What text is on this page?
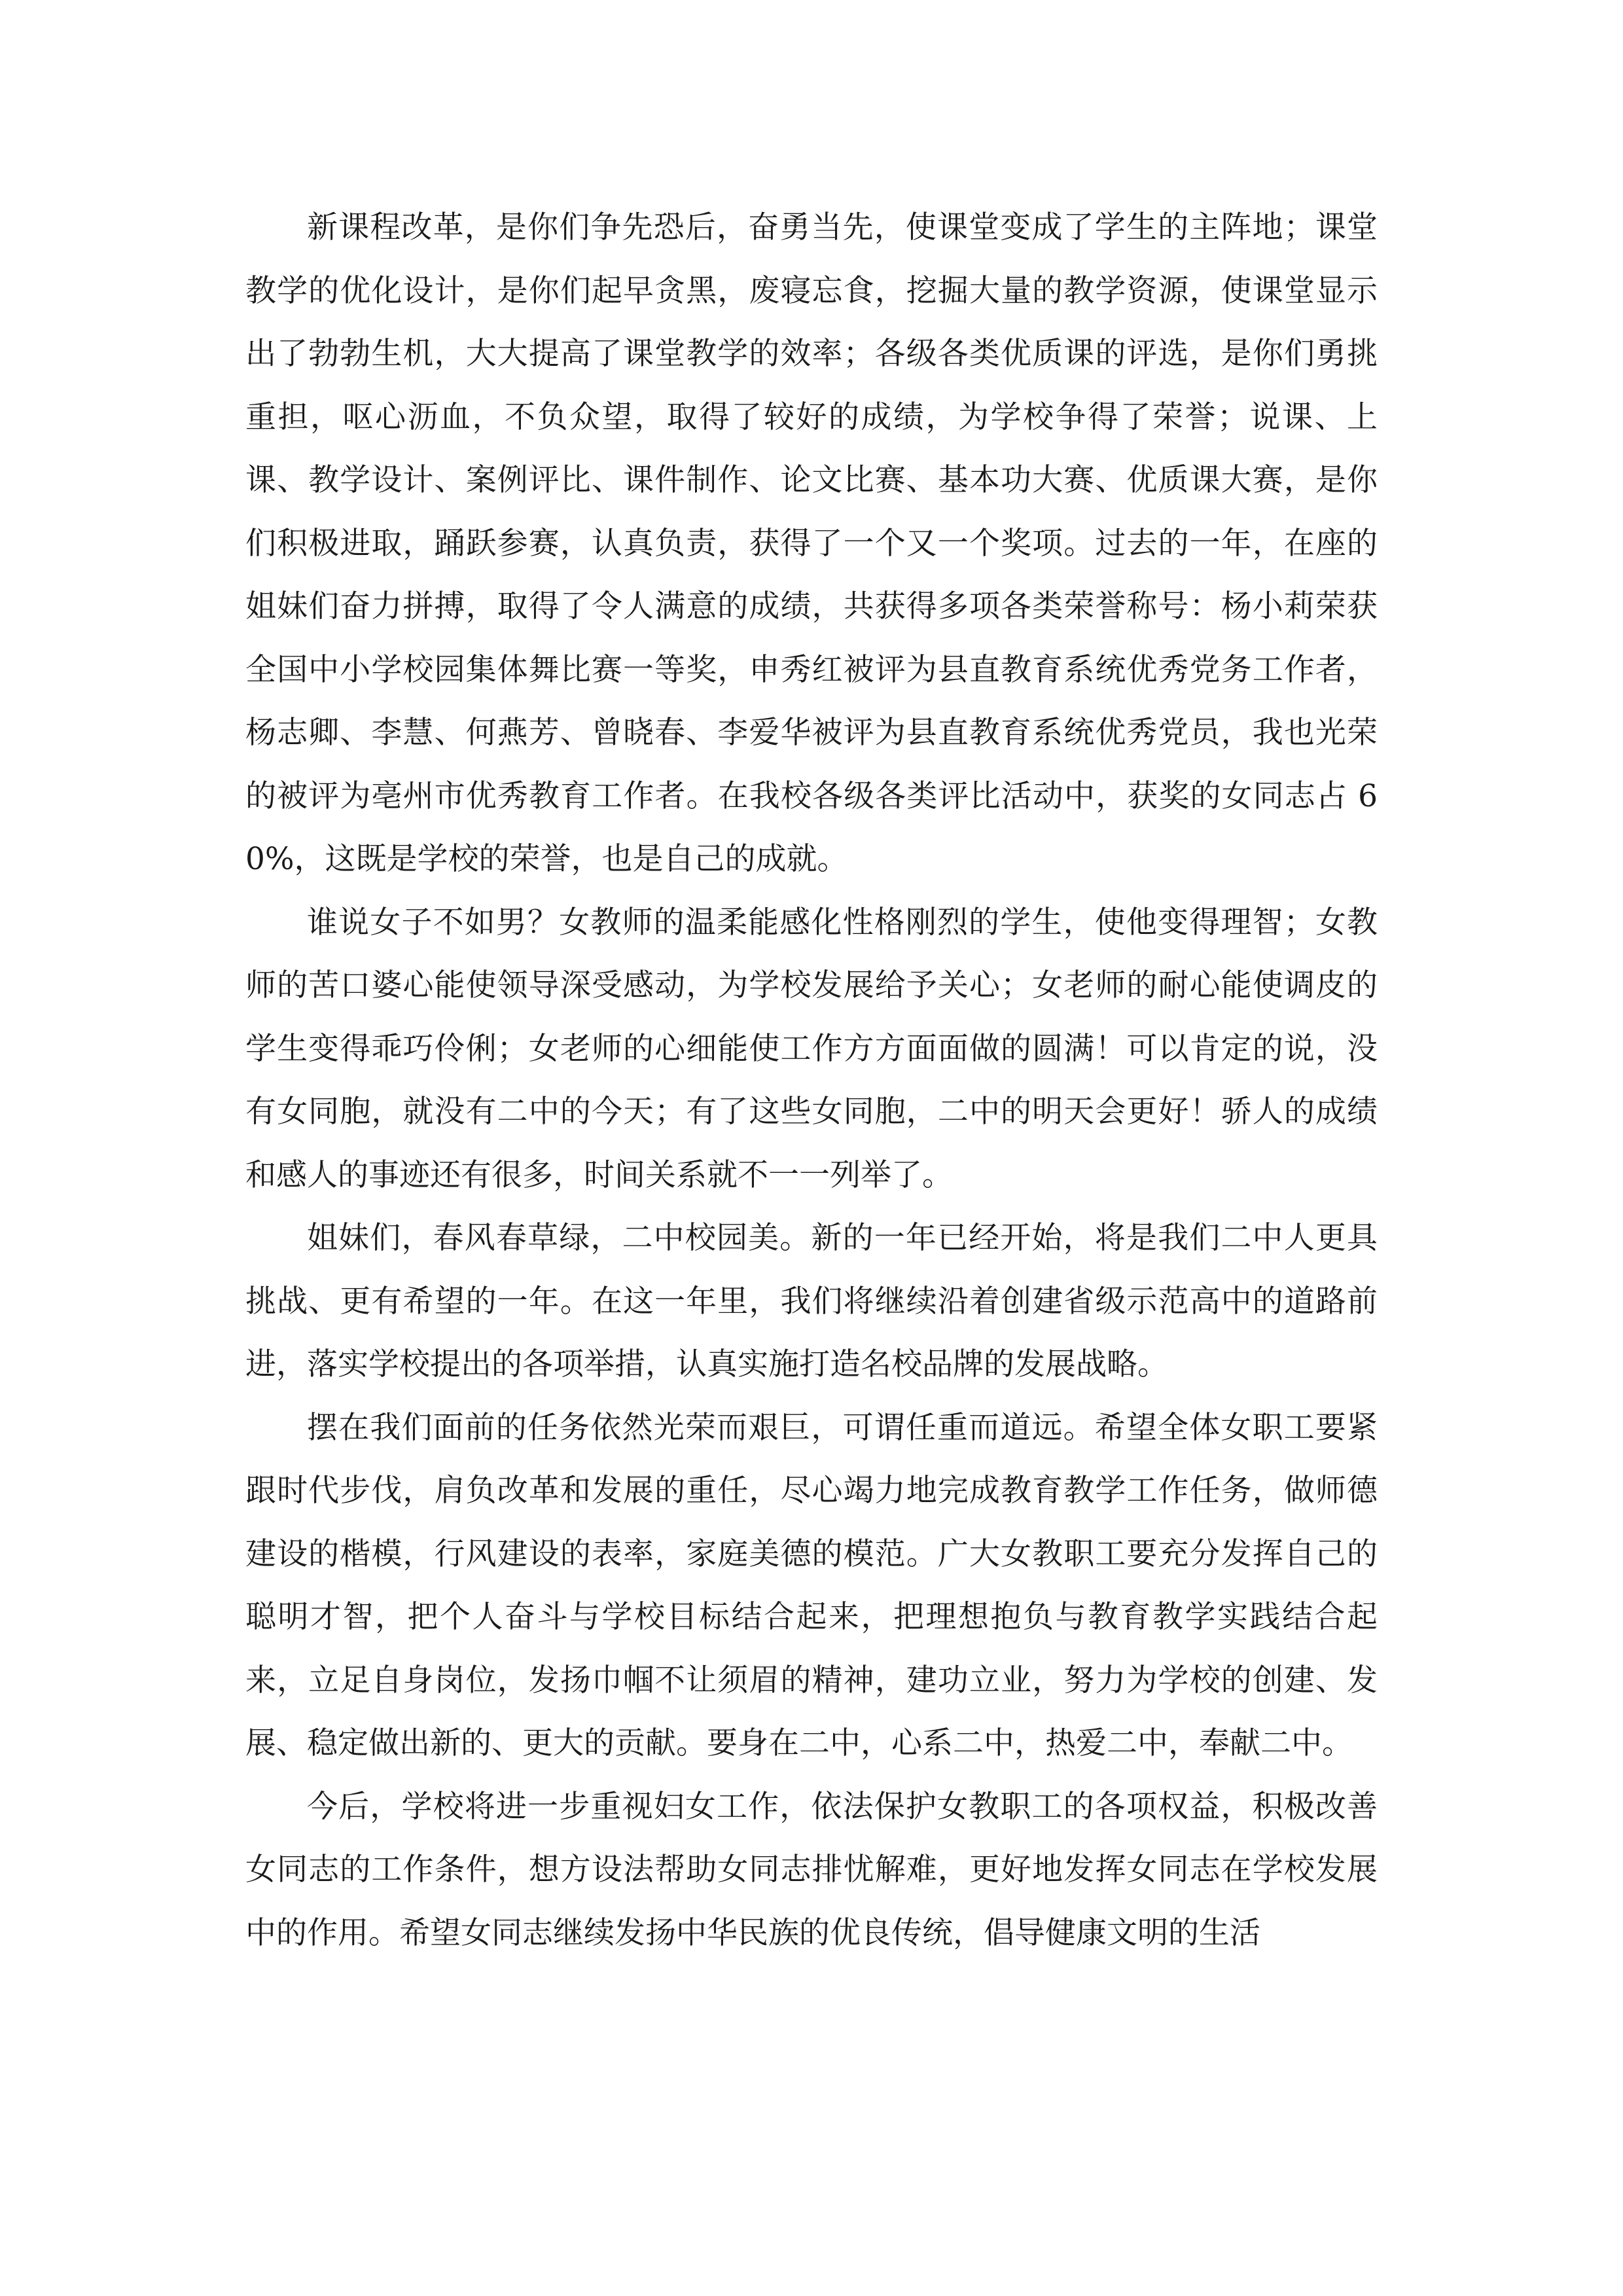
新课程改革，是你们争先恐后，奋勇当先，使课堂变成了学生的主阵地；课堂教学的优化设计，是你们起早贪黑，废寝忘食，挖掘大量的教学资源，使课堂显示出了勃勃生机，大大提高了课堂教学的效率；各级各类优质课的评选，是你们勇挑重担，呕心沥血，不负众望，取得了较好的成绩，为学校争得了荣誉；说课、上课、教学设计、案例评比、课件制作、论文比赛、基本功大赛、优质课大赛，是你们积极进取，踊跃参赛，认真负责，获得了一个又一个奖项。过去的一年，在座的姐妹们奋力拼搏，取得了令人满意的成绩，共获得多项各类荣誉称号：杨小莉荣获全国中小学校园集体舞比赛一等奖，申秀红被评为县直教育系统优秀党务工作者，杨志卿、李慧、何燕芳、曾晓春、李爱华被评为县直教育系统优秀党员，我也光荣的被评为亳州市优秀教育工作者。在我校各级各类评比活动中，获奖的女同志占 60%，这既是学校的荣誉，也是自己的成就。

谁说女子不如男？女教师的温柔能感化性格刚烈的学生，使他变得理智；女教师的苦口婆心能使领导深受感动，为学校发展给予关心；女老师的耐心能使调皮的学生变得乖巧伶俐；女老师的心细能使工作方方面面做的圆满！可以肯定的说，没有女同胞，就没有二中的今天；有了这些女同胞，二中的明天会更好！骄人的成绩和感人的事迹还有很多，时间关系就不一一列举了。

姐妹们，春风春草绿，二中校园美。新的一年已经开始，将是我们二中人更具挑战、更有希望的一年。在这一年里，我们将继续沿着创建省级示范高中的道路前进，落实学校提出的各项举措，认真实施打造名校品牌的发展战略。

摆在我们面前的任务依然光荣而艰巨，可谓任重而道远。希望全体女职工要紧跟时代步伐，肩负改革和发展的重任，尽心竭力地完成教育教学工作任务，做师德建设的楷模，行风建设的表率，家庭美德的模范。广大女教职工要充分发挥自己的聪明才智，把个人奋斗与学校目标结合起来，把理想抱负与教育教学实践结合起来，立足自身岗位，发扬巾帼不让须眉的精神，建功立业，努力为学校的创建、发展、稳定做出新的、更大的贡献。要身在二中，心系二中，热爱二中，奉献二中。

今后，学校将进一步重视妇女工作，依法保护女教职工的各项权益，积极改善女同志的工作条件，想方设法帮助女同志排忧解难，更好地发挥女同志在学校发展中的作用。希望女同志继续发扬中华民族的优良传统，倡导健康文明的生活
